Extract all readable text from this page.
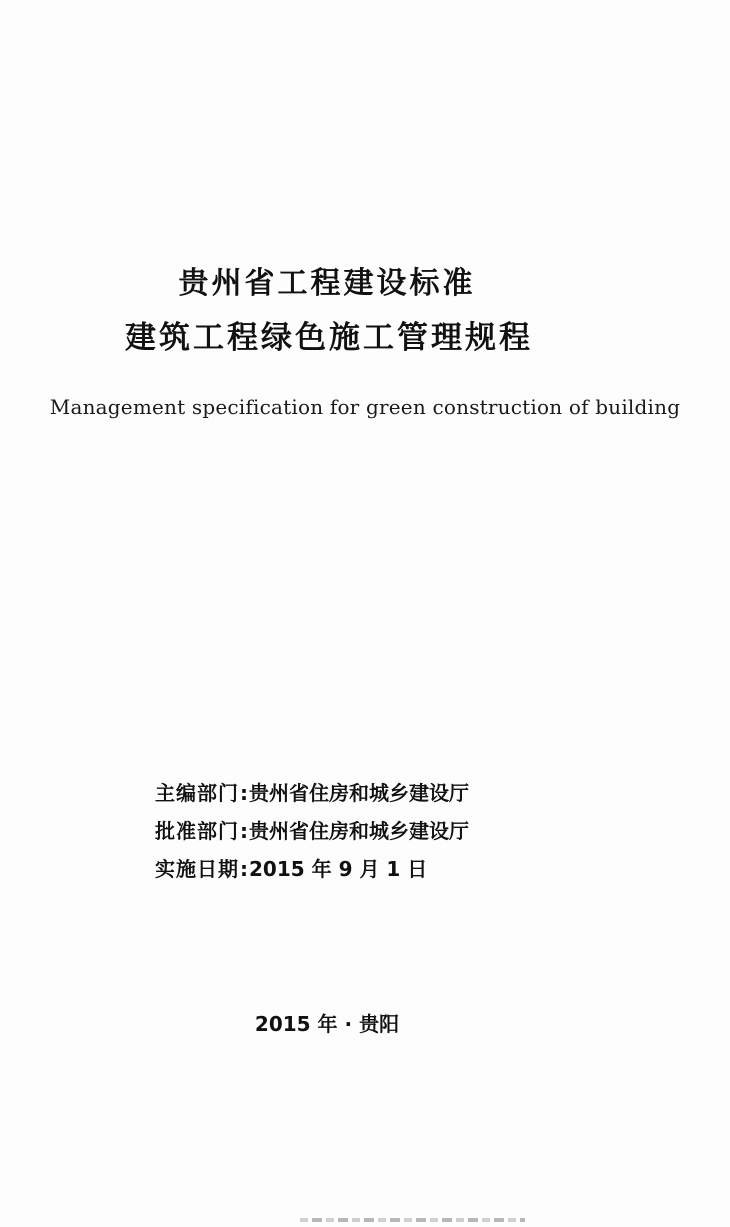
贵州省工程建设标准
建筑工程绿色施工管理规程
Management specification for green construction of building
主编部门:贵州省住房和城乡建设厅
批准部门:贵州省住房和城乡建设厅
实施日期:2015 年 9 月 1 日
2015 年 · 贵阳
